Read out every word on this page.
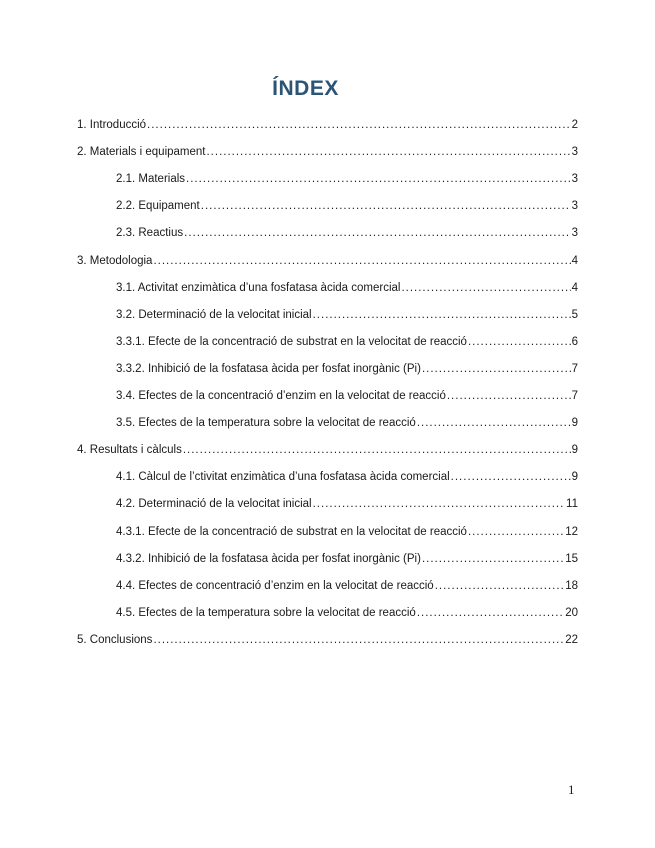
ÍNDEX
1. Introducció .....	2
2. Materials i equipament .....	3
2.1. Materials .....	3
2.2. Equipament .....	3
2.3. Reactius .....	3
3. Metodologia .....	4
3.1. Activitat enzimàtica d’una fosfatasa àcida comercial .....	4
3.2. Determinació de la velocitat inicial .....	5
3.3.1. Efecte de la concentració de substrat en la velocitat de reacció .....	6
3.3.2. Inhibició de la fosfatasa àcida per fosfat inorgànic (Pi) .....	7
3.4. Efectes de la concentració d’enzim en la velocitat de reacció .....	7
3.5. Efectes de la temperatura sobre la velocitat de reacció .....	9
4. Resultats i càlculs .....	9
4.1. Càlcul de l’ctivitat enzimàtica d’una fosfatasa àcida comercial .....	9
4.2. Determinació de la velocitat inicial .....	11
4.3.1. Efecte de la concentració de substrat en la velocitat de reacció .....	12
4.3.2. Inhibició de la fosfatasa àcida per fosfat inorgànic (Pi) .....	15
4.4. Efectes de concentració d’enzim en la velocitat de reacció .....	18
4.5. Efectes de la temperatura sobre la velocitat de reacció .....	20
5. Conclusions .....	22
1
